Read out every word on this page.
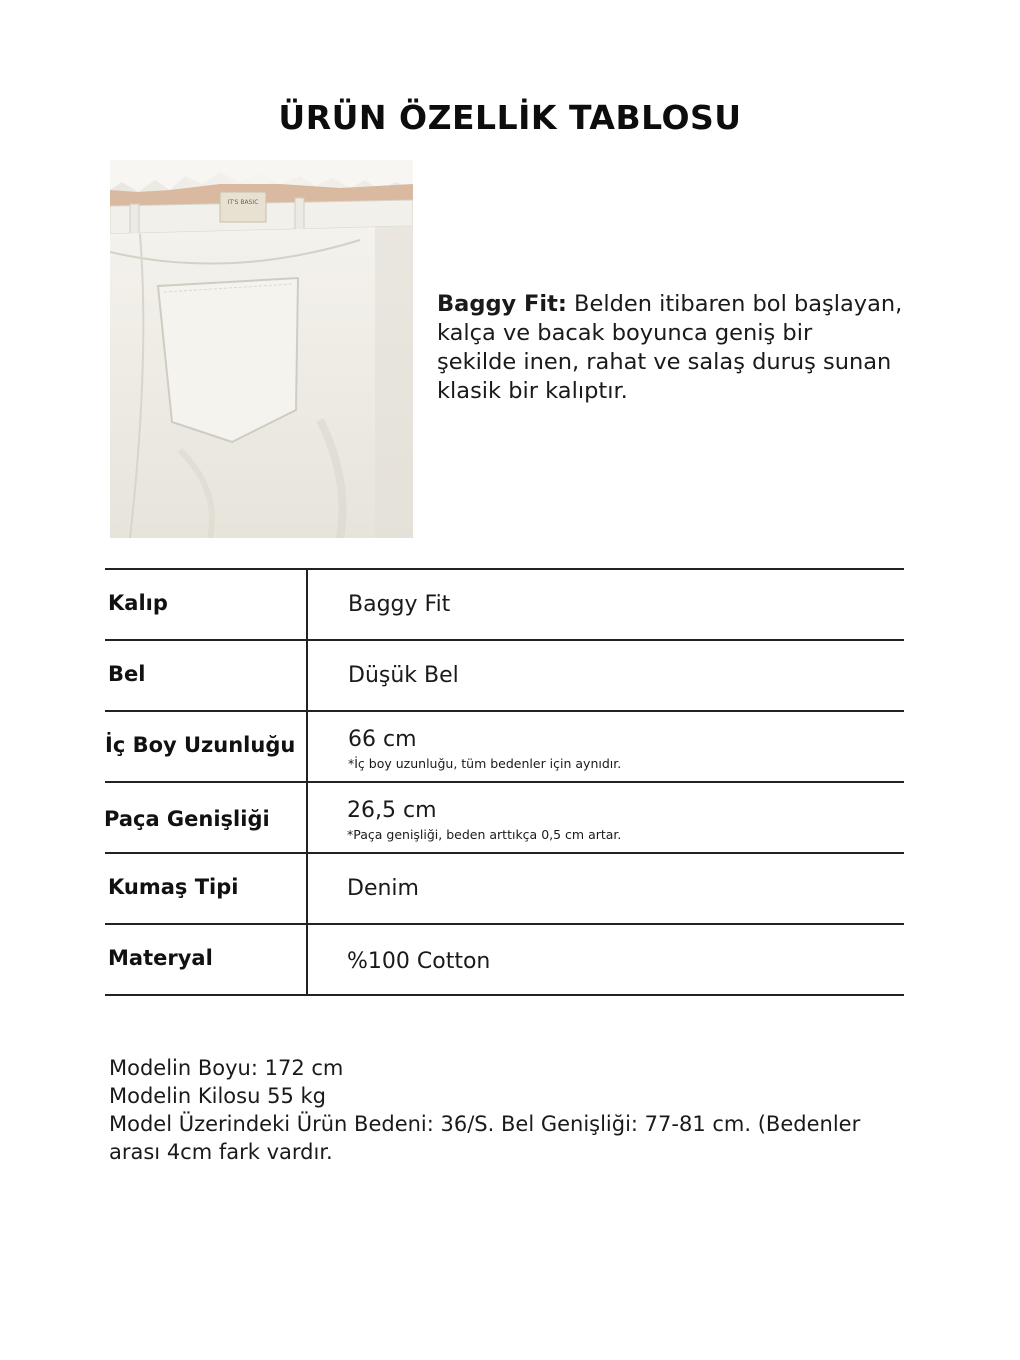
ÜRÜN ÖZELLİK TABLOSU
IT'S BASIC
Baggy Fit: Belden itibaren bol başlayan,
kalça ve bacak boyunca geniş bir
şekilde inen, rahat ve salaş duruş sunan
klasik bir kalıptır.
Kalıp	Baggy Fit
Bel	Düşük Bel
İç Boy Uzunluğu 66 cm
*İç boy uzunluğu, tüm bedenler için aynıdır.
Paça Genişliği	26,5 cm
*Paça genişliği, beden arttıkça 0,5 cm artar.
Kumaş Tipi	Denim
Materyal	%100 Cotton
Modelin Boyu: 172 cm
Modelin Kilosu 55 kg
Model Üzerindeki Ürün Bedeni: 36/S. Bel Genişliği: 77-81 cm. (Bedenler
arası 4cm fark vardır.
